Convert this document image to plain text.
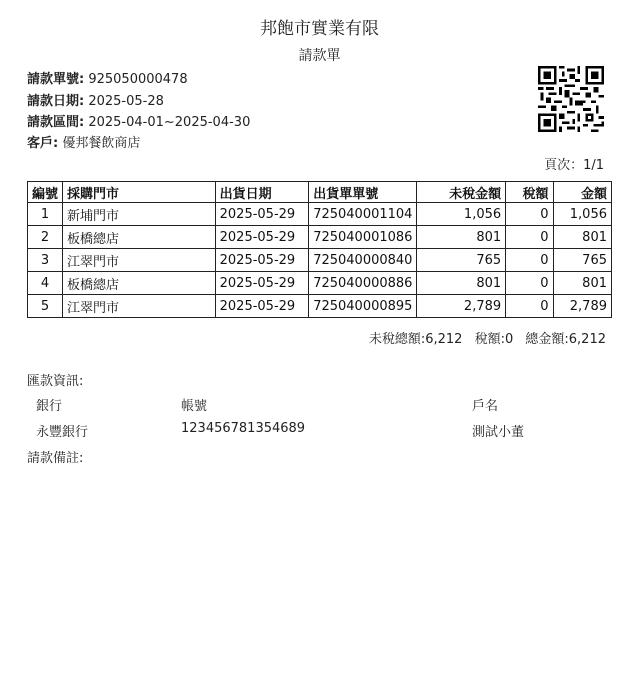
邦飽市實業有限
請款單
請款單號: 925050000478
請款日期: 2025-05-28
請款區間: 2025-04-01~2025-04-30
客戶: 優邦餐飲商店
頁次：1/1
編號	採購門市	出貨日期	出貨單單號	未稅金額	稅額	金額
1	新埔門市	2025-05-29	725040001104	1,056	0	1,056
2	板橋總店	2025-05-29	725040001086	801	0	801
3	江翠門市	2025-05-29	725040000840	765	0	765
4	板橋總店	2025-05-29	725040000886	801	0	801
5	江翠門市	2025-05-29	725040000895	2,789	0	2,789
未稅總額:6,212 稅額:0 總金額:6,212
匯款資訊:
銀行	帳號	戶名
永豐銀行	123456781354689	測試小董
請款備註:
